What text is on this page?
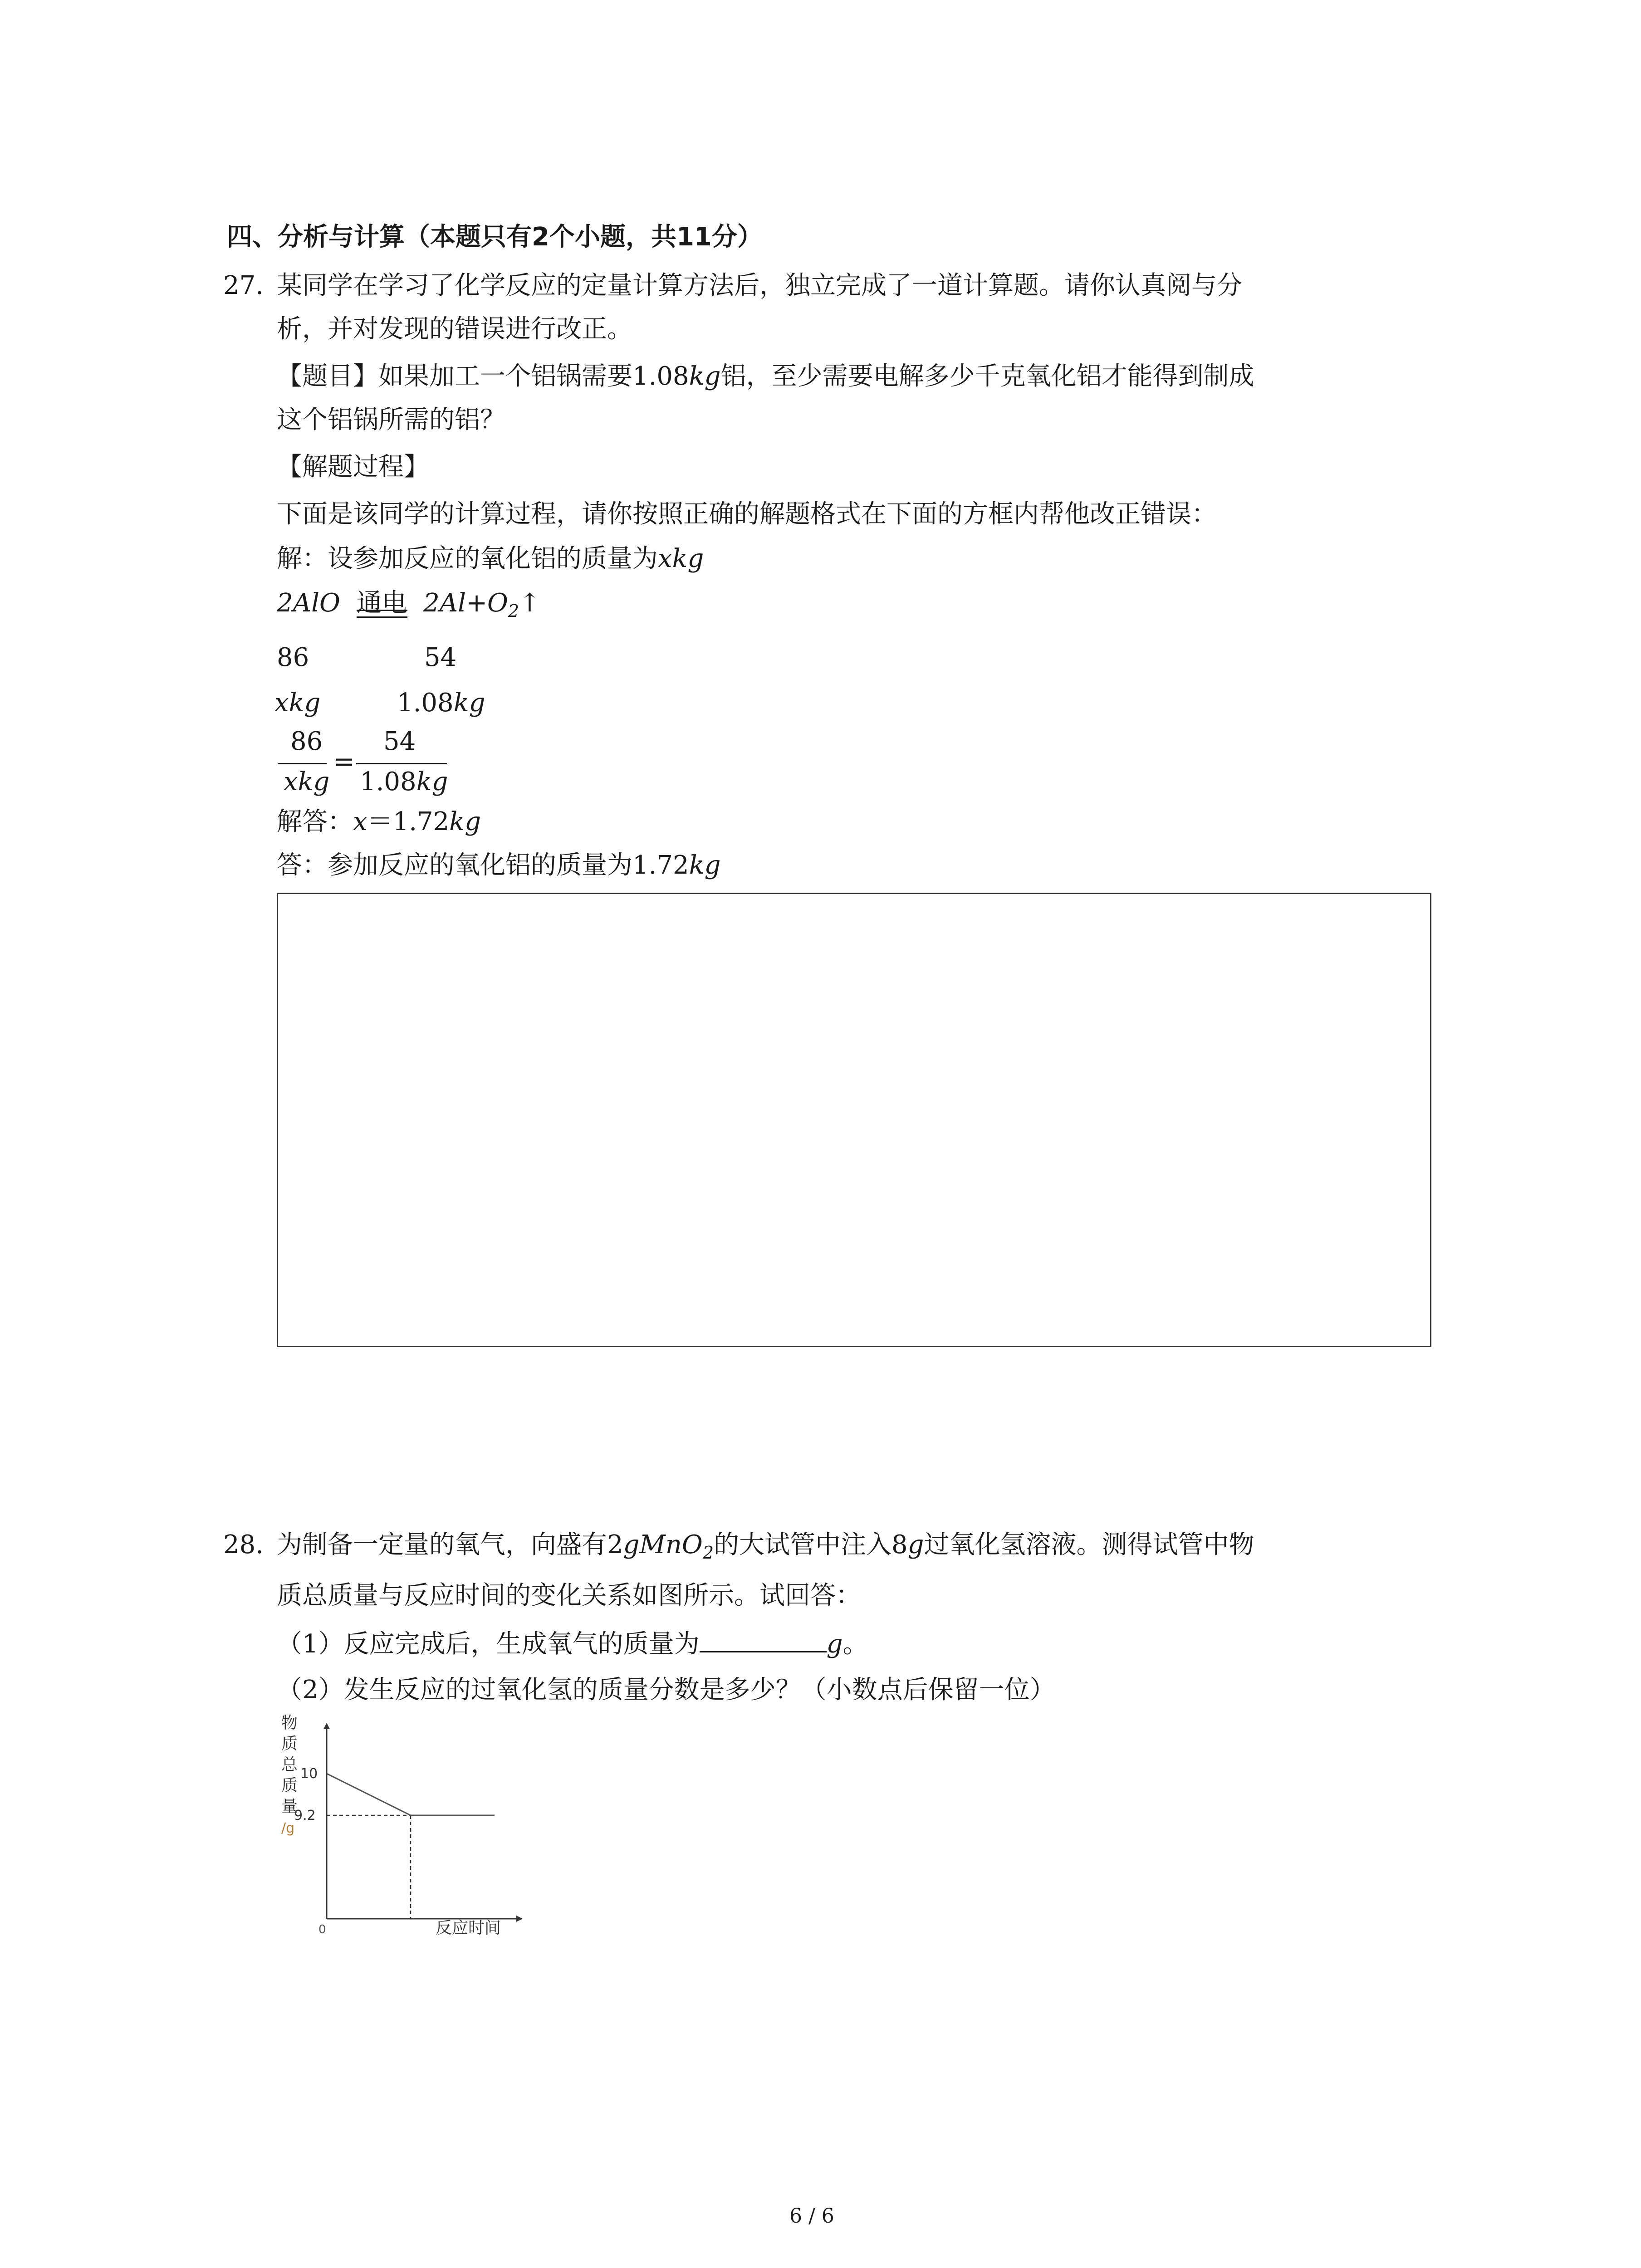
四、分析与计算（本题只有2个小题，共11分）
27. 某同学在学习了化学反应的定量计算方法后，独立完成了一道计算题。请你认真阅与分
析，并对发现的错误进行改正。
【题目】如果加工一个铝锅需要1.08kg铝，至少需要电解多少千克氧化铝才能得到制成
这个铝锅所需的铝？
【解题过程】
下面是该同学的计算过程，请你按照正确的解题格式在下面的方框内帮他改正错误：
解：设参加反应的氧化铝的质量为xkg
2AlO 通电 $2Al+O_2↑$
86	54
xkg	1.08kg
86
xkg
=
54
1.08kg
解答：x＝1.72kg
答：参加反应的氧化铝的质量为1.72kg
28. 为制备一定量的氧气，向盛有2gMnO$_2$的大试管中注入8g过氧化氢溶液。测得试管中物
质总质量与反应时间的变化关系如图所示。试回答：
（1）反应完成后，生成氧气的质量为	g。
（2）发生反应的过氧化氢的质量分数是多少？（小数点后保留一位）
物
质
总
质
量
/g
0	反应时间
10
9.2
6 / 6
